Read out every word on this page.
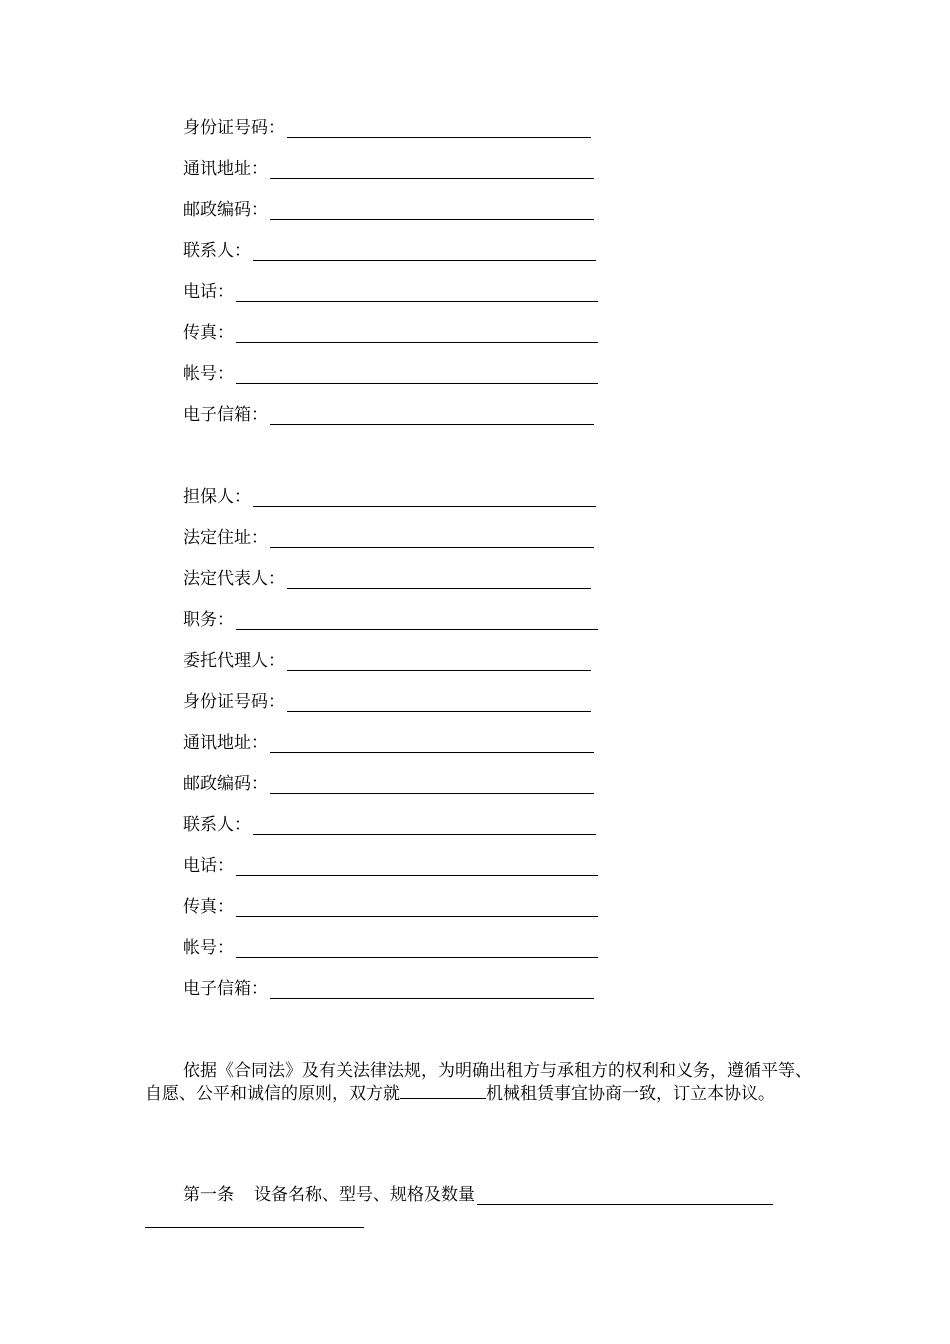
身份证号码：
通讯地址：
邮政编码：
联系人：
电话：
传真：
帐号：
电子信箱：
担保人：
法定住址：
法定代表人：
职务：
委托代理人：
身份证号码：
通讯地址：
邮政编码：
联系人：
电话：
传真：
帐号：
电子信箱：
依据《合同法》及有关法律法规，为明确出租方与承租方的权利和义务，遵循平等、自愿、公平和诚信的原则，双方就	机械租赁事宜协商一致，订立本协议。
第一条 设备名称、型号、规格及数量
